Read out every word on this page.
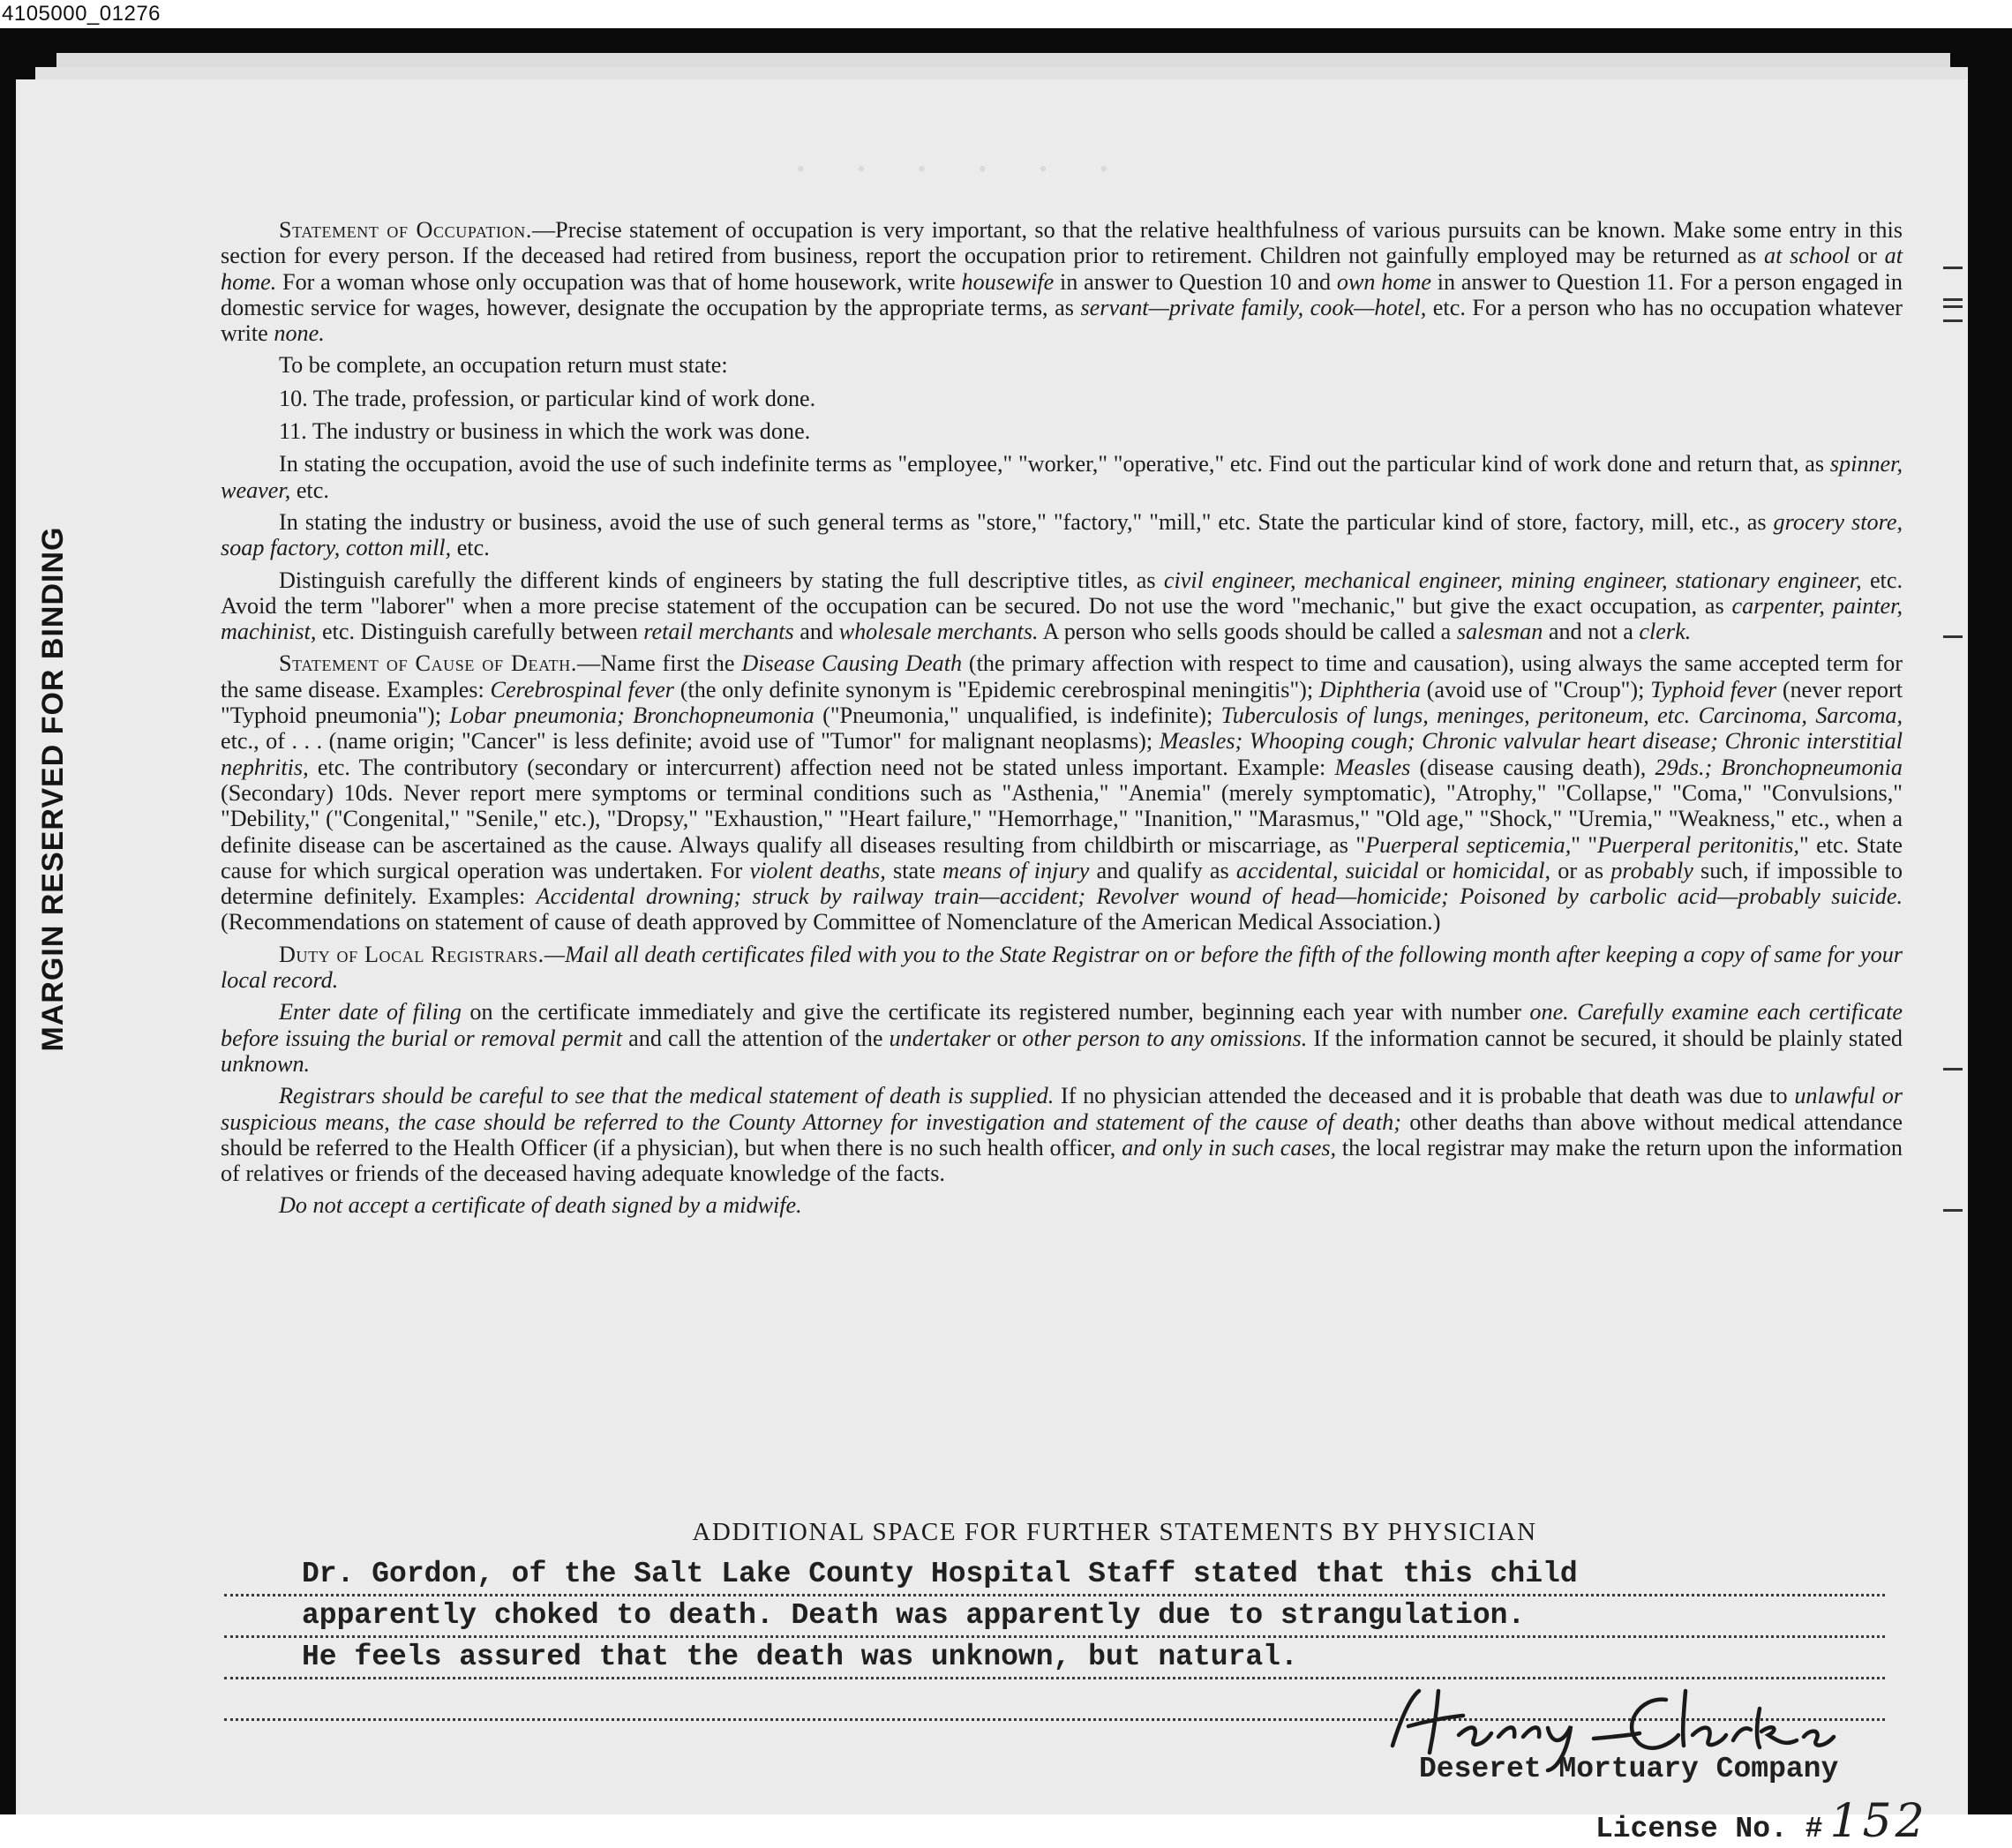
4105000_01276
· · · · · ·
MARGIN RESERVED FOR BINDING

Statement of Occupation.—Precise statement of occupation is very important, so that the relative healthfulness of various pursuits can be known. Make some entry in this section for every person. If the deceased had retired from business, report the occupation prior to retirement. Children not gainfully employed may be returned as at school or at home. For a woman whose only occupation was that of home housework, write housewife in answer to Question 10 and own home in answer to Question 11. For a person engaged in domestic service for wages, however, designate the occupation by the appropriate terms, as servant—private family, cook—hotel, etc. For a person who has no occupation whatever write none.

To be complete, an occupation return must state:

10. The trade, profession, or particular kind of work done.

11. The industry or business in which the work was done.

In stating the occupation, avoid the use of such indefinite terms as "employee," "worker," "operative," etc. Find out the particular kind of work done and return that, as spinner, weaver, etc.

In stating the industry or business, avoid the use of such general terms as "store," "factory," "mill," etc. State the particular kind of store, factory, mill, etc., as grocery store, soap factory, cotton mill, etc.

Distinguish carefully the different kinds of engineers by stating the full descriptive titles, as civil engineer, mechanical engineer, mining engineer, stationary engineer, etc. Avoid the term "laborer" when a more precise statement of the occupation can be secured. Do not use the word "mechanic," but give the exact occupation, as carpenter, painter, machinist, etc. Distinguish carefully between retail merchants and wholesale merchants. A person who sells goods should be called a salesman and not a clerk.

Statement of Cause of Death.—Name first the Disease Causing Death (the primary affection with respect to time and causation), using always the same accepted term for the same disease. Examples: Cerebrospinal fever (the only definite synonym is "Epidemic cerebrospinal meningitis"); Diphtheria (avoid use of "Croup"); Typhoid fever (never report "Typhoid pneumonia"); Lobar pneumonia; Bronchopneumonia ("Pneumonia," unqualified, is indefinite); Tuberculosis of lungs, meninges, peritoneum, etc. Carcinoma, Sarcoma, etc., of . . . (name origin; "Cancer" is less definite; avoid use of "Tumor" for malignant neoplasms); Measles; Whooping cough; Chronic valvular heart disease; Chronic interstitial nephritis, etc. The contributory (secondary or intercurrent) affection need not be stated unless important. Example: Measles (disease causing death), 29ds.; Bronchopneumonia (Secondary) 10ds. Never report mere symptoms or terminal conditions such as "Asthenia," "Anemia" (merely symptomatic), "Atrophy," "Collapse," "Coma," "Convulsions," "Debility," ("Congenital," "Senile," etc.), "Dropsy," "Exhaustion," "Heart failure," "Hemorrhage," "Inanition," "Marasmus," "Old age," "Shock," "Uremia," "Weakness," etc., when a definite disease can be ascertained as the cause. Always qualify all diseases resulting from childbirth or miscarriage, as "Puerperal septicemia," "Puerperal peritonitis," etc. State cause for which surgical operation was undertaken. For violent deaths, state means of injury and qualify as accidental, suicidal or homicidal, or as probably such, if impossible to determine definitely. Examples: Accidental drowning; struck by railway train—accident; Revolver wound of head—homicide; Poisoned by carbolic acid—probably suicide. (Recommendations on statement of cause of death approved by Committee of Nomenclature of the American Medical Association.)

Duty of Local Registrars.—Mail all death certificates filed with you to the State Registrar on or before the fifth of the following month after keeping a copy of same for your local record.

Enter date of filing on the certificate immediately and give the certificate its registered number, beginning each year with number one. Carefully examine each certificate before issuing the burial or removal permit and call the attention of the undertaker or other person to any omissions. If the information cannot be secured, it should be plainly stated unknown.

Registrars should be careful to see that the medical statement of death is supplied. If no physician attended the deceased and it is probable that death was due to unlawful or suspicious means, the case should be referred to the County Attorney for investigation and statement of the cause of death; other deaths than above without medical attendance should be referred to the Health Officer (if a physician), but when there is no such health officer, and only in such cases, the local registrar may make the return upon the information of relatives or friends of the deceased having adequate knowledge of the facts.

Do not accept a certificate of death signed by a midwife.

ADDITIONAL SPACE FOR FURTHER STATEMENTS BY PHYSICIAN
Dr. Gordon, of the Salt Lake County Hospital Staff stated that this child
apparently choked to death. Death was apparently due to strangulation.
He feels assured that the death was unknown, but natural.
Deseret Mortuary Company
License No. # 152
